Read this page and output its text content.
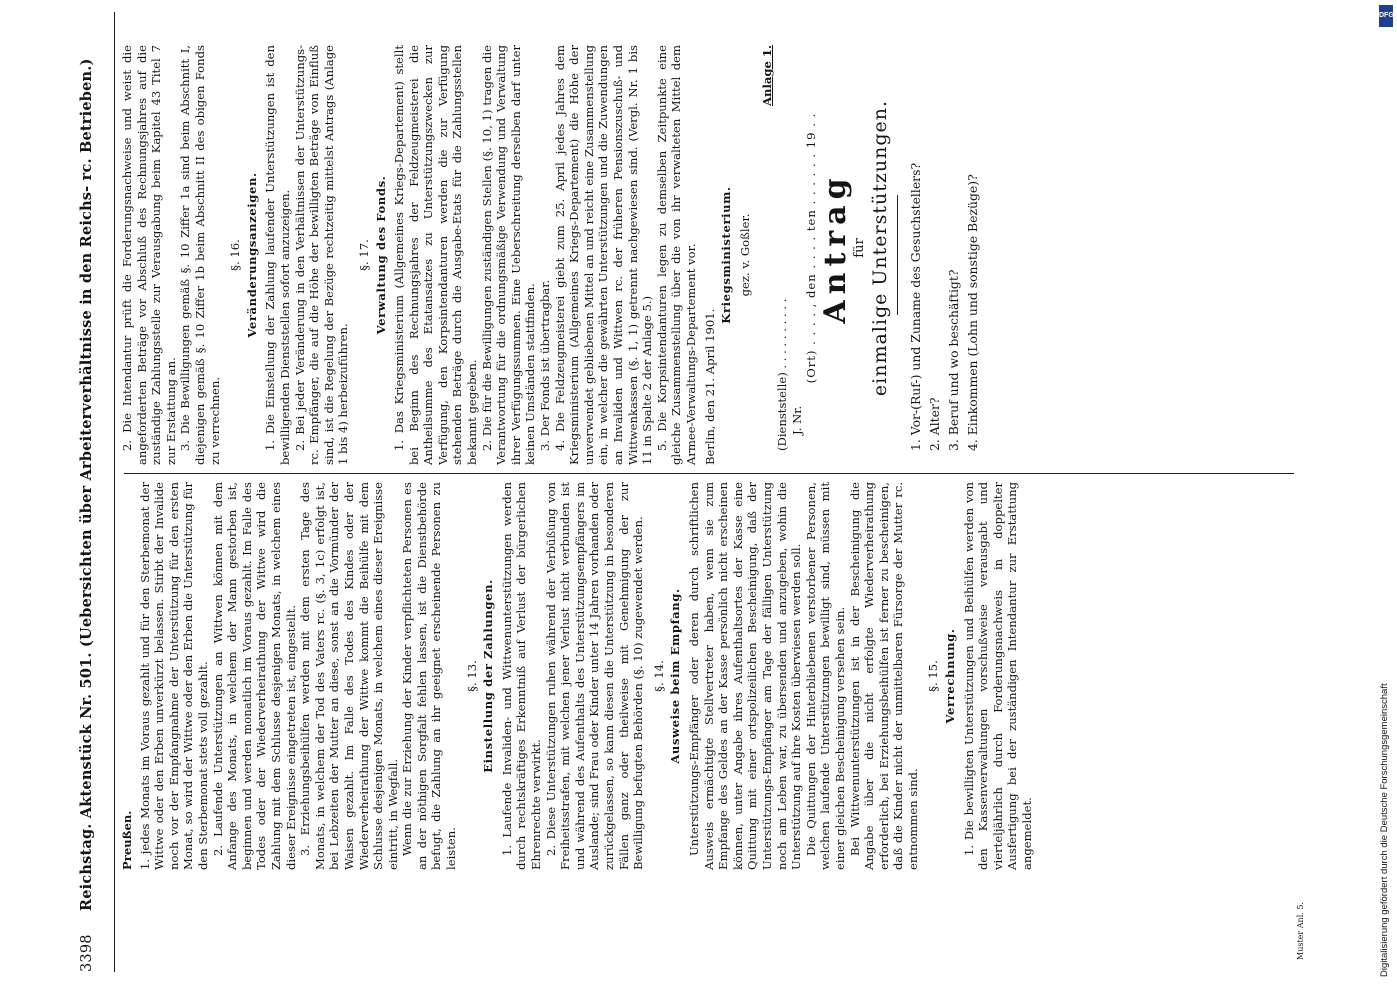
3398 Reichstag. Aktenstück Nr. 501. (Uebersichten über Arbeiterverhältnisse in den Reichs- rc. Betrieben.)	Preußen. 1. jedes Monats im Voraus gezahlt und für den Sterbemonat der Wittwe oder den Erben unverkürzt belassen. Stirbt der Invalide noch vor der Empfangnahme der Unterstützung für den ersten Monat, so wird der Wittwe oder den Erben die Unterstützung für den Sterbemonat stets voll gezahlt. 2. Laufende Unterstützungen an Wittwen können mit dem Anfange des Monats, in welchem der Mann gestorben ist, beginnen und werden monatlich im Voraus gezahlt. Im Falle des Todes oder der Wiederverheirathung der Wittwe wird die Zahlung mit dem Schlusse desjenigen Monats, in welchem eines dieser Ereignisse eingetreten ist, eingestellt. 3. Erziehungsbeihülfen werden mit dem ersten Tage des Monats, in welchem der Tod des Vaters rc. (§. 3, 1c) erfolgt ist, bei Lebzeiten der Mutter an diese, sonst an die Vormünder der Waisen gezahlt. Im Falle des Todes des Kindes oder der Wiederverheirathung der Wittwe kommt die Beihülfe mit dem Schlusse desjenigen Monats, in welchem eines dieser Ereignisse eintritt, in Wegfall. Wenn die zur Erziehung der Kinder verpflichteten Personen es an der nöthigen Sorgfalt fehlen lassen, ist die Dienstbehörde befugt, die Zahlung an ihr geeignet erscheinende Personen zu leisten.

§. 13. Einstellung der Zahlungen. 1. Laufende Invaliden- und Wittwenunterstützungen werden durch rechtskräftiges Erkenntniß auf Verlust der bürgerlichen Ehrenrechte verwirkt. 2. Diese Unterstützungen ruhen während der Verbüßung von Freiheitsstrafen, mit welchen jener Verlust nicht verbunden ist und während des Aufenthalts des Unterstützungsempfängers im Auslande; sind Frau oder Kinder unter 14 Jahren vorhanden oder zurückgelassen, so kann diesen die Unterstützung in besonderen Fällen ganz oder theilweise mit Genehmigung der zur Bewilligung befugten Behörden (§. 10) zugewendet werden. §. 14. Ausweise beim Empfang. Unterstützungs-Empfänger oder deren durch schriftlichen Ausweis ermächtigte Stellvertreter haben, wenn sie zum Empfange des Geldes an der Kasse persönlich nicht erscheinen können, unter Angabe ihres Aufenthaltsortes der Kasse eine Quittung mit einer ortspolizeilichen Bescheinigung, daß der Unterstützungs-Empfänger am Tage der fälligen Unterstützung noch am Leben war, zu übersenden und anzugeben, wohin die Unterstützung auf ihre Kosten überwiesen werden soll. Die Quittungen der Hinterbliebenen verstorbener Personen, welchen laufende Unterstützungen bewilligt sind, müssen mit einer gleichen Bescheinigung versehen sein. Bei Wittwenunterstützungen ist in der Bescheinigung die Angabe über die nicht erfolgte Wiederverheirathung erforderlich, bei Erziehungsbeihülfen ist ferner zu bescheinigen, daß die Kinder nicht der unmittelbaren Fürsorge der Mutter rc. entnommen sind.

§. 15. Verrechnung. 1. Die bewilligten Unterstützungen und Beihülfen werden von den Kassenverwaltungen vorschußweise verausgabt und vierteljährlich durch Forderungsnachweis in doppelter Ausfertigung bei der zuständigen Intendantur zur Erstattung angemeldet.

2. Die Intendantur prüft die Forderungsnachweise und weist die angeforderten Beträge vor Abschluß des Rechnungsjahres auf die zuständige Zahlungsstelle zur Verausgabung beim Kapitel 43 Titel 7 zur Erstattung an. 3. Die Bewilligungen gemäß §. 10 Ziffer 1a sind beim Abschnitt I, diejenigen gemäß §. 10 Ziffer 1b beim Abschnitt II des obigen Fonds zu verrechnen.

§. 16. Veränderungsanzeigen. 1. Die Einstellung der Zahlung laufender Unterstützungen ist den bewilligenden Dienststellen sofort anzuzeigen. 2. Bei jeder Veränderung in den Verhältnissen der Unterstützungs- rc. Empfänger, die auf die Höhe der bewilligten Beträge von Einfluß sind, ist die Regelung der Bezüge rechtzeitig mittelst Antrags (Anlage 1 bis 4) herbeizuführen.

§. 17. Verwaltung des Fonds. 1. Das Kriegsministerium (Allgemeines Kriegs-Departement) stellt bei Beginn des Rechnungsjahres der Feldzeugmeisterei die Antheilsumme des Etatansatzes zu Unterstützungszwecken zur Verfügung, den Korpsintendanturen werden die zur Verfügung stehenden Beträge durch die Ausgabe-Etats für die Zahlungsstellen bekannt gegeben. 2. Die für die Bewilligungen zuständigen Stellen (§. 10, 1) tragen die Verantwortung für die ordnungsmäßige Verwendung und Verwaltung ihrer Verfügungssummen. Eine Ueberschreitung derselben darf unter keinen Umständen stattfinden. 3. Der Fonds ist übertragbar. 4. Die Feldzeugmeisterei giebt zum 25. April jedes Jahres dem Kriegsministerium (Allgemeines Kriegs-Departement) die Höhe der unverwendet gebliebenen Mittel an und reicht eine Zusammenstellung ein, in welcher die gewährten Unterstützungen und die Zuwendungen an Invaliden und Wittwen rc. der früheren Pensionszuschuß- und Wittwenkassen (§. 1, 1) getrennt nachgewiesen sind. (Vergl. Nr. 1 bis 11 in Spalte 2 der Anlage 5.) 5. Die Korpsintendanturen legen zu demselben Zeitpunkte eine gleiche Zusammenstellung über die von ihr verwalteten Mittel dem Armee-Verwaltungs-Departement vor. Berlin, den 21. April 1901.

Kriegsministerium. gez. v. Goßler.

Anlage 1.

(Dienststelle) . . . . . . . . . . J. Nr.

(Ort) . . . . , den . . . . ten . . . . . . 19 . . Antrag für einmalige Unterstützungen. 1. Vor-(Ruf-) und Zuname des Gesuchstellers? 2. Alter? 3. Beruf und wo beschäftigt? 4. Einkommen (Lohn und sonstige Bezüge)?

Muster Anl. 5.
DFG
Digitalisierung gefördert durch die Deutsche Forschungsgemeinschaft
